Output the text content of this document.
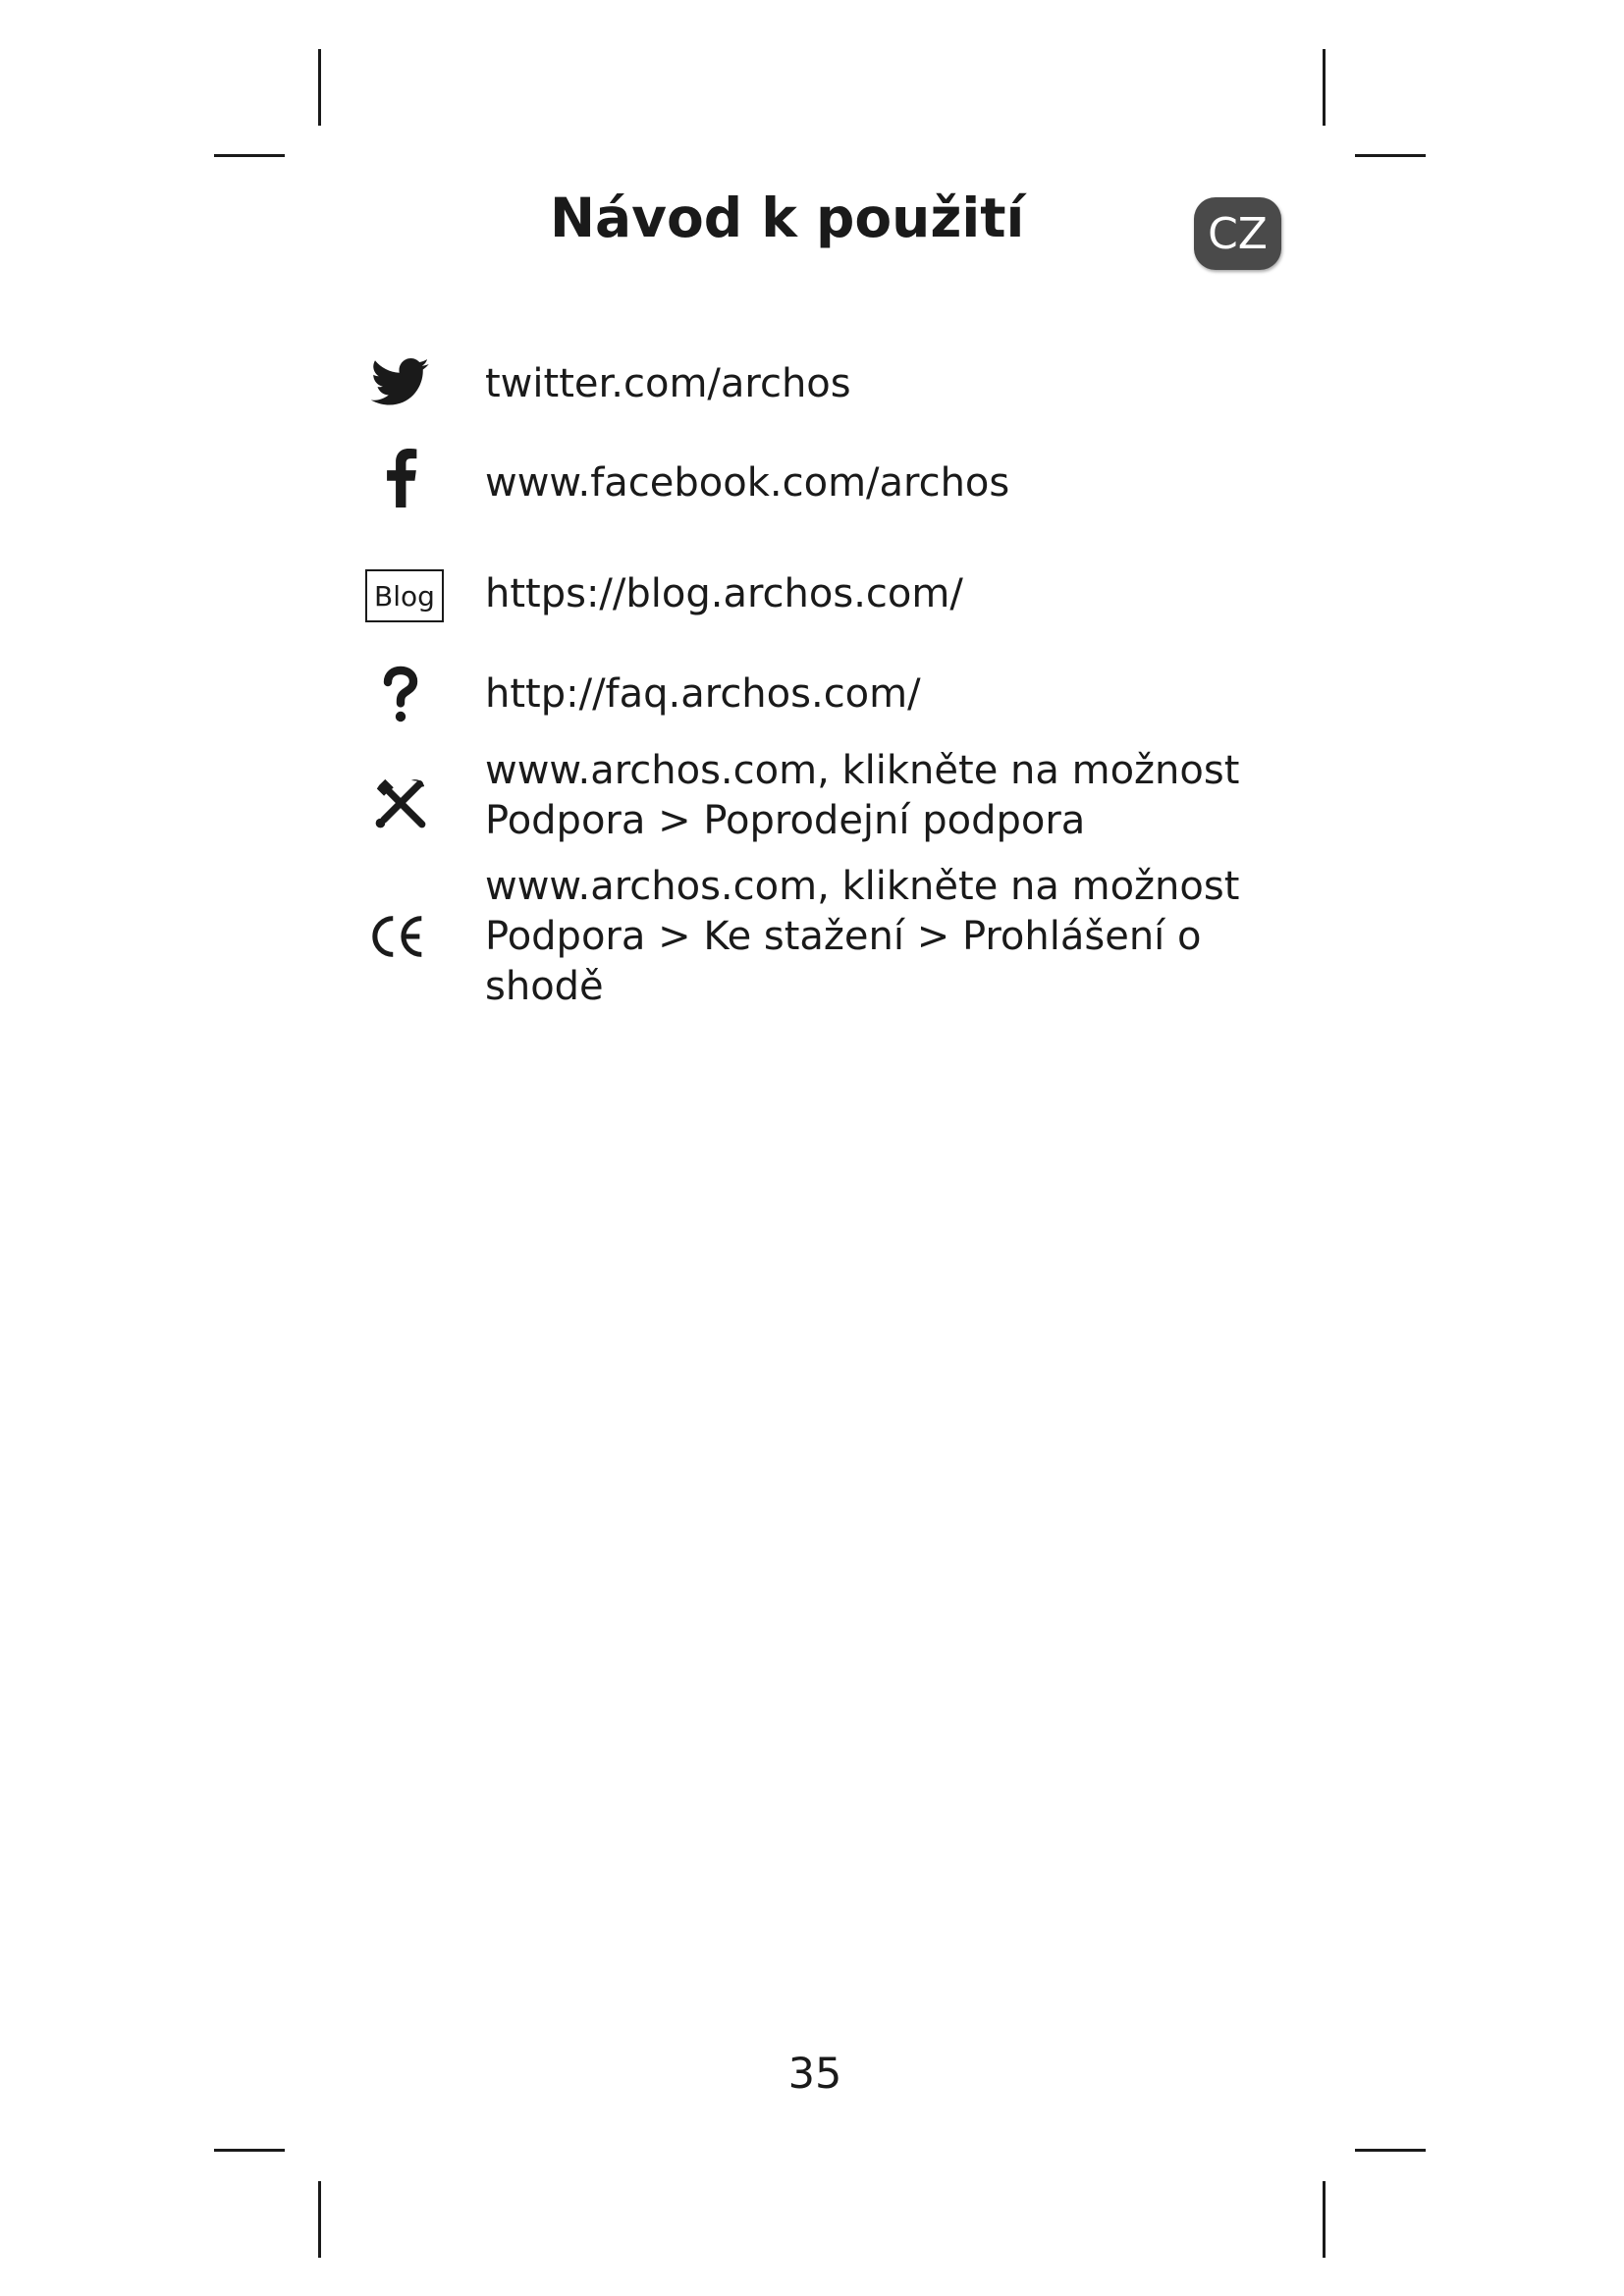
Návod k použití	CZ
twitter.com/archos
www.facebook.com/archos
Blog https://blog.archos.com/
http://faq.archos.com/
www.archos.com, klikněte na možnost
Podpora > Poprodejní podpora
www.archos.com, klikněte na možnost
Podpora > Ke stažení > Prohlášení o
shodě
35
